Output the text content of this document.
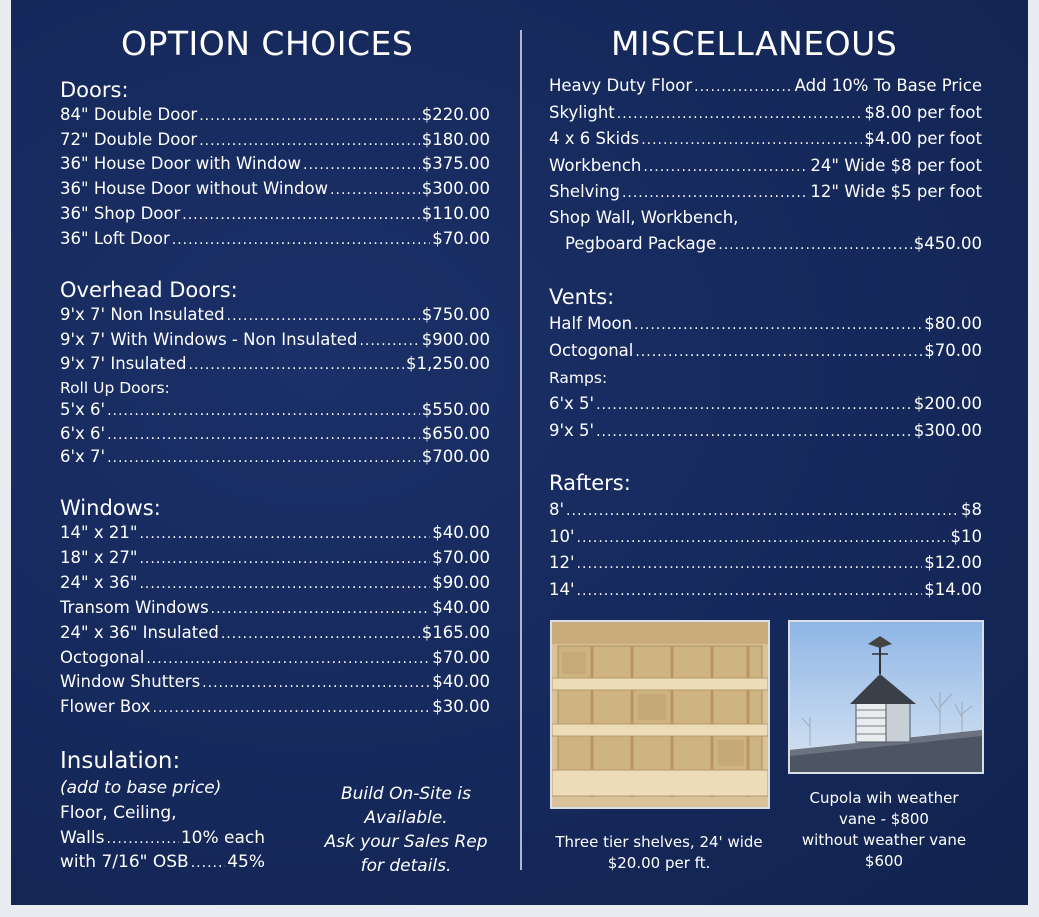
OPTION CHOICES
Doors:
84" Double Door .....	$220.00
72" Double Door .....	$180.00
36" House Door with Window .....	$375.00
36" House Door without Window .....	$300.00
36" Shop Door .....	$110.00
36" Loft Door .....	$70.00
Overhead Doors:
9'x 7' Non Insulated .....	$750.00
9'x 7' With Windows - Non Insulated .....	$900.00
9'x 7' Insulated .....	$1,250.00
Roll Up Doors:
5'x 6' .....	$550.00
6'x 6' .....	$650.00
6'x 7' .....	$700.00
Windows:
14" x 21" .....	$40.00
18" x 27" .....	$70.00
24" x 36" .....	$90.00
Transom Windows .....	$40.00
24" x 36" Insulated .....	$165.00
Octogonal .....	$70.00
Window Shutters .....	$40.00
Flower Box .....	$30.00
Insulation:
(add to base price)
Floor, Ceiling,
Walls .....	10% each
with 7/16" OSB ..... 45%
Build On-Site is
Available.
Ask your Sales Rep
for details.
MISCELLANEOUS
Heavy Duty Floor .....	Add 10% To Base Price
Skylight .....	$8.00 per foot
4 x 6 Skids .....	$4.00 per foot
Workbench .....	24" Wide $8 per foot
Shelving .....	12" Wide $5 per foot
Shop Wall, Workbench,
Pegboard Package .....	$450.00
Vents:
Half Moon .....	$80.00
Octogonal .....	$70.00
Ramps:
6'x 5' .....	$200.00
9'x 5' .....	$300.00
Rafters:
8' .....	$8
10' .....	$10
12' .....	$12.00
14' .....	$14.00
Three tier shelves, 24' wide
$20.00 per ft.
Cupola wih weather
vane - $800
without weather vane
$600
